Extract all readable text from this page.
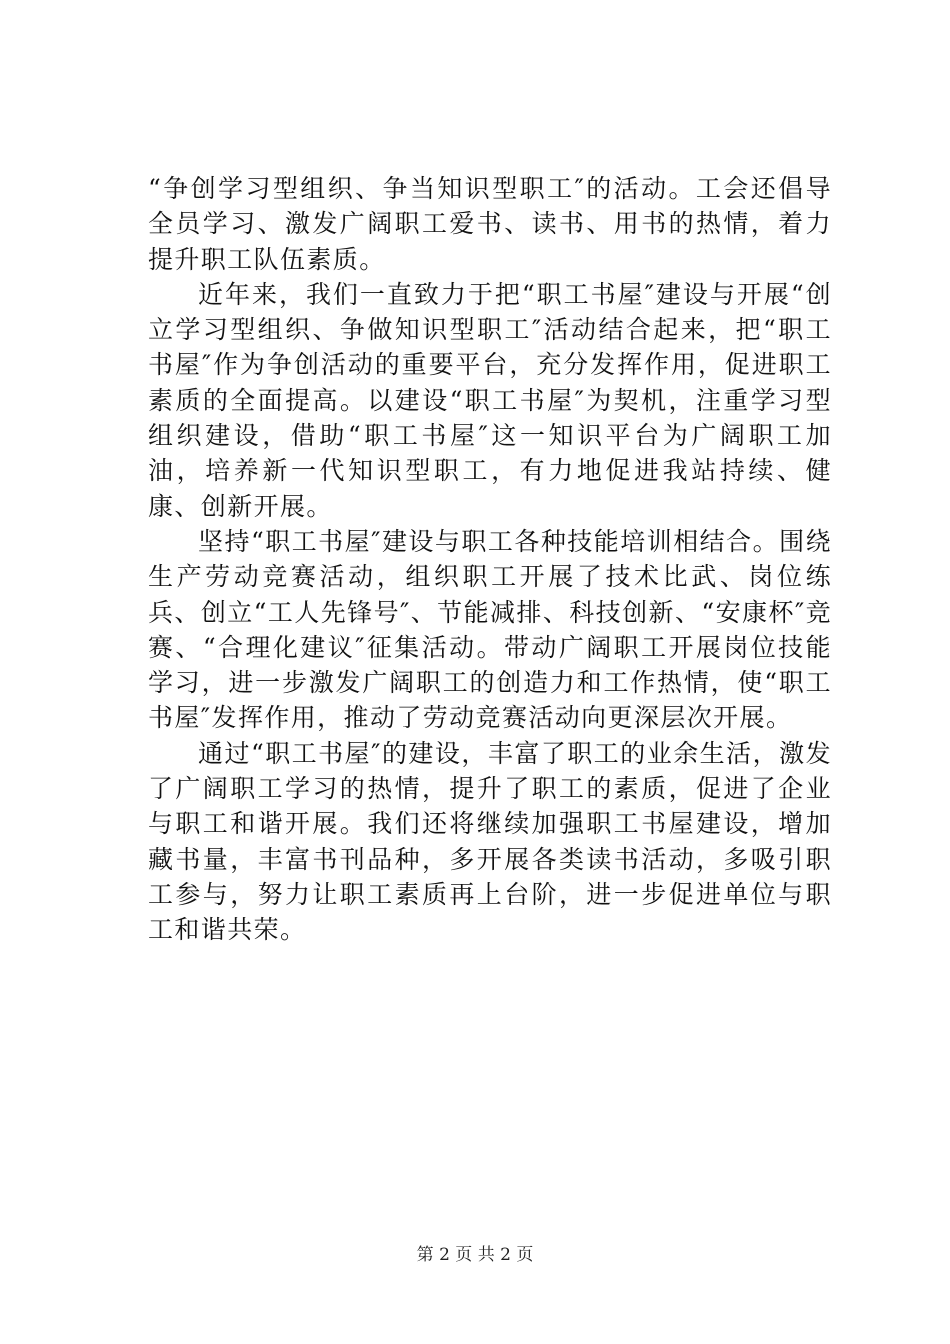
“争创学习型组织、争当知识型职工″的活动。工会还倡导全员学习、激发广阔职工爱书、读书、用书的热情，着力提升职工队伍素质。

近年来，我们一直致力于把“职工书屋″建设与开展“创立学习型组织、争做知识型职工″活动结合起来，把“职工书屋″作为争创活动的重要平台，充分发挥作用，促进职工素质的全面提高。以建设“职工书屋″为契机，注重学习型组织建设，借助“职工书屋″这一知识平台为广阔职工加油，培养新一代知识型职工，有力地促进我站持续、健康、创新开展。

坚持“职工书屋″建设与职工各种技能培训相结合。围绕生产劳动竞赛活动，组织职工开展了技术比武、岗位练兵、创立“工人先锋号″、节能减排、科技创新、“安康杯″竞赛、“合理化建议″征集活动。带动广阔职工开展岗位技能学习，进一步激发广阔职工的创造力和工作热情，使“职工书屋″发挥作用，推动了劳动竞赛活动向更深层次开展。

通过“职工书屋″的建设，丰富了职工的业余生活，激发了广阔职工学习的热情，提升了职工的素质，促进了企业与职工和谐开展。我们还将继续加强职工书屋建设，增加藏书量，丰富书刊品种，多开展各类读书活动，多吸引职工参与，努力让职工素质再上台阶，进一步促进单位与职工和谐共荣。

第 2 页 共 2 页
